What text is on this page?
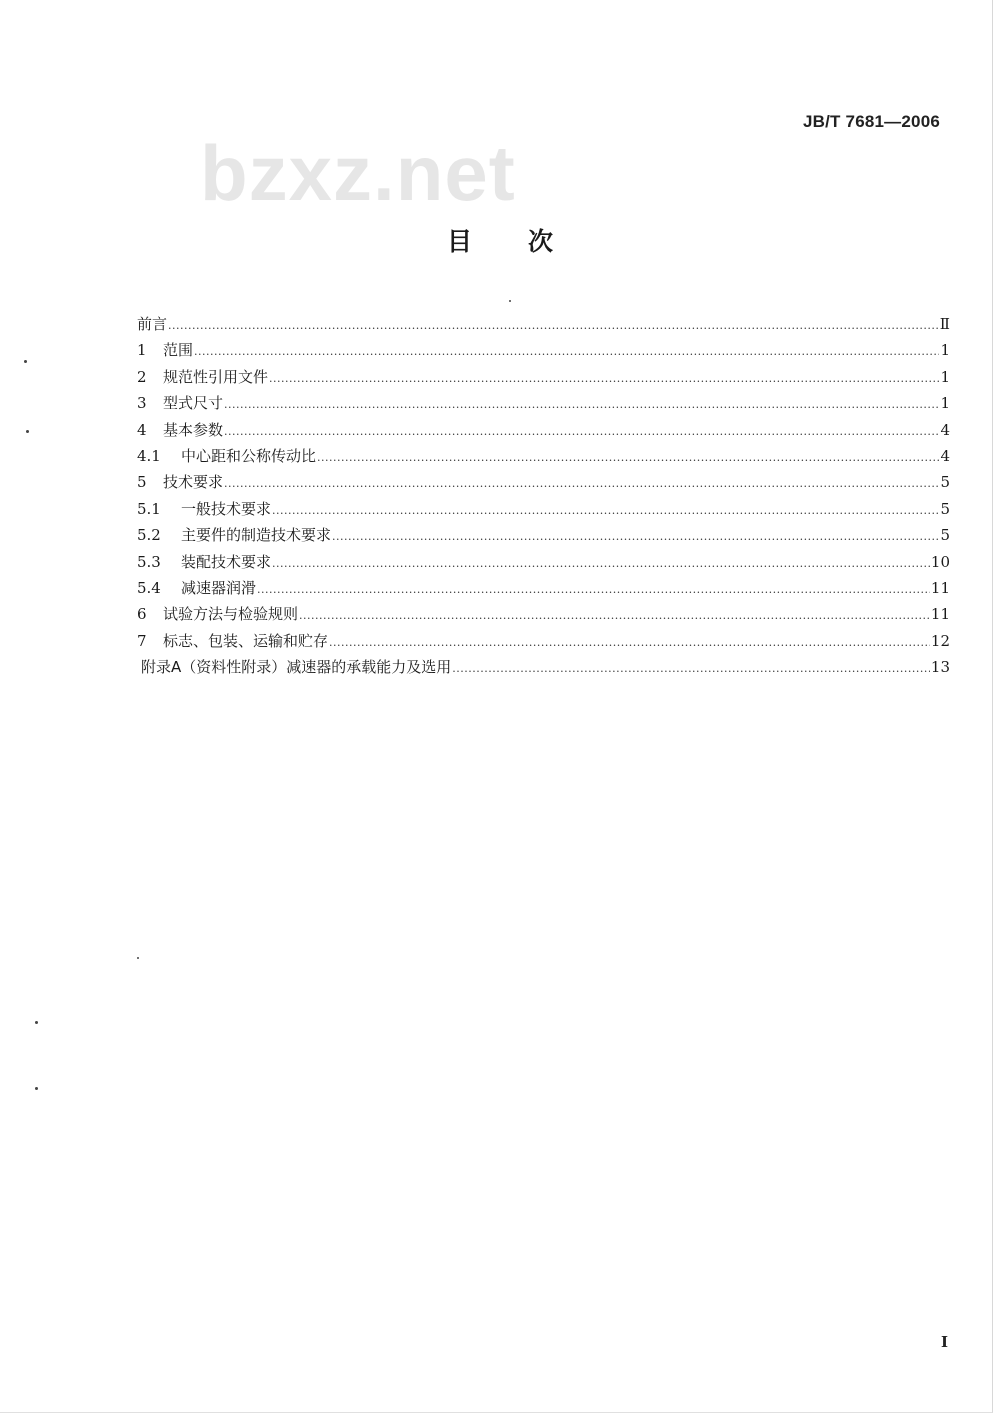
JB/T 7681—2006
bzxz.net
目 次
前言 .....	Ⅱ
1	范围 .....	1
2	规范性引用文件 .....	1
3	型式尺寸 .....	1
4	基本参数 .....	4
4.1	中心距和公称传动比 .....	4
5	技术要求 .....	5
5.1	一般技术要求 .....	5
5.2	主要件的制造技术要求 .....	5
5.3	装配技术要求 .....	10
5.4	减速器润滑 .....	11
6	试验方法与检验规则 .....	11
7	标志、包装、运输和贮存 .....	12
附录A（资料性附录）减速器的承载能力及选用 .....	13
I
